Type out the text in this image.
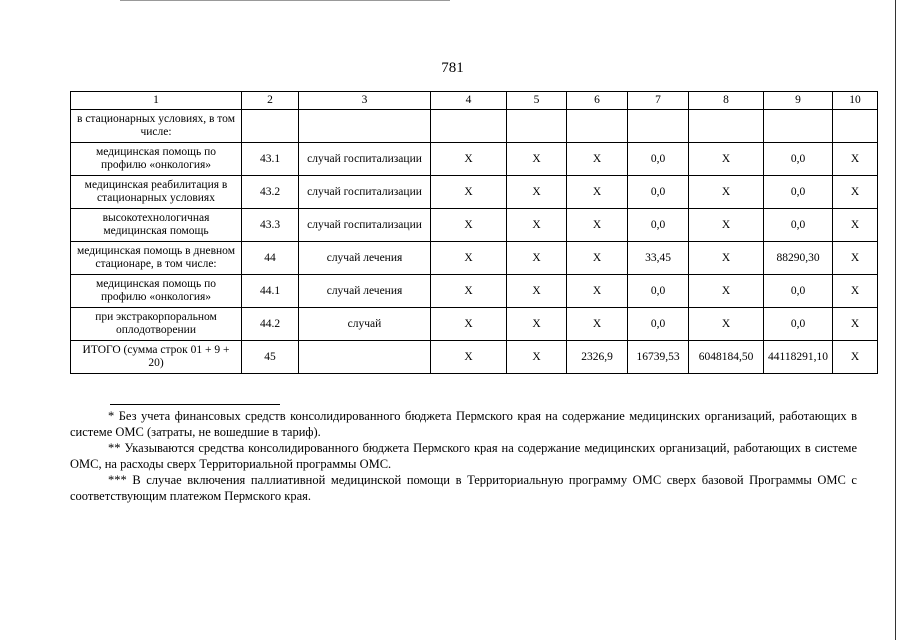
781
1	2	3	4	5	6	7	8	9	10
в стационарных условиях, в том числе:									
медицинская помощь по профилю «онкология»	43.1	случай госпитализации	Х	Х	Х	0,0	Х	0,0	Х
медицинская реабилитация в стационарных условиях	43.2	случай госпитализации	Х	Х	Х	0,0	Х	0,0	Х
высокотехнологичная медицинская помощь	43.3	случай госпитализации	Х	Х	Х	0,0	Х	0,0	Х
медицинская помощь в дневном стационаре, в том числе:	44	случай лечения	Х	Х	Х	33,45	Х	88290,30	Х
медицинская помощь по профилю «онкология»	44.1	случай лечения	Х	Х	Х	0,0	Х	0,0	Х
при экстракорпоральном оплодотворении	44.2	случай	Х	Х	Х	0,0	Х	0,0	Х
ИТОГО (сумма строк 01 + 9 + 20)	45		Х	Х	2326,9	16739,53	6048184,50	44118291,10	Х

* Без учета финансовых средств консолидированного бюджета Пермского края на содержание медицинских организаций, работающих в системе ОМС (затраты, не вошедшие в тариф).

** Указываются средства консолидированного бюджета Пермского края на содержание медицинских организаций, работающих в системе ОМС, на расходы сверх Территориальной программы ОМС.

*** В случае включения паллиативной медицинской помощи в Территориальную программу ОМС сверх базовой Программы ОМС с соответствующим платежом Пермского края.
